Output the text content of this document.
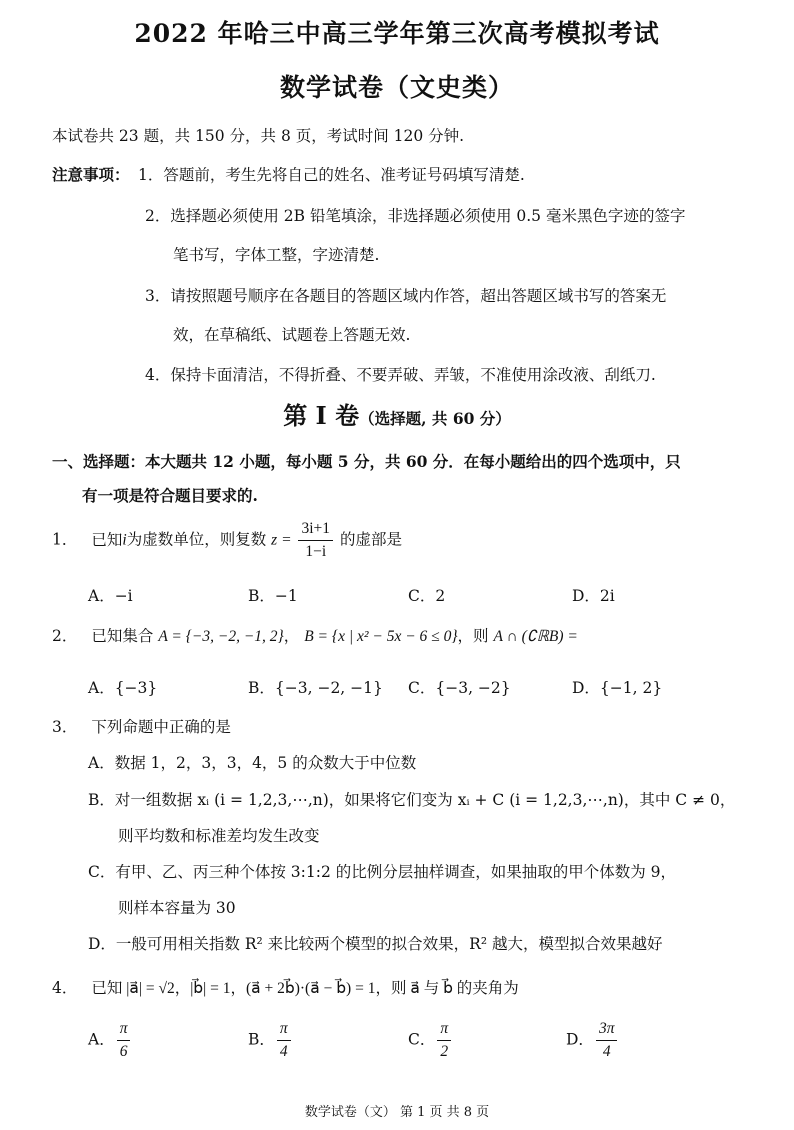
2022 年哈三中高三学年第三次高考模拟考试
数学试卷（文史类）
本试卷共 23 题，共 150 分，共 8 页，考试时间 120 分钟.
注意事项： 1．答题前，考生先将自己的姓名、准考证号码填写清楚.
2．选择题必须使用 2B 铅笔填涂，非选择题必须使用 0.5 毫米黑色字迹的签字
笔书写，字体工整，字迹清楚.
3．请按照题号顺序在各题目的答题区域内作答，超出答题区域书写的答案无
效，在草稿纸、试题卷上答题无效.
4．保持卡面清洁，不得折叠、不要弄破、弄皱，不准使用涂改液、刮纸刀.
第 I 卷（选择题, 共 60 分）
一、选择题：本大题共 12 小题，每小题 5 分，共 60 分．在每小题给出的四个选项中，只
有一项是符合题目要求的.
1． 已知i为虚数单位，则复数 $z = \frac{3i+1}{1-i}$ 的虚部是
A．−i	B．−1	C．2	D．2i
2． 已知集合 A = {−3, −2, −1, 2}， B = {x | x² − 5x − 6 ≤ 0}，则 A ∩ (∁ℝB) =
A．{−3}	B．{−3, −2, −1} C．{−3, −2}	D．{−1, 2}
3． 下列命题中正确的是
A．数据 1，2，3，3，4，5 的众数大于中位数
B．对一组数据 xᵢ (i = 1,2,3,⋯,n)，如果将它们变为 xᵢ + C (i = 1,2,3,⋯,n)，其中 C ≠ 0，
则平均数和标准差均发生改变
C．有甲、乙、丙三种个体按 3:1:2 的比例分层抽样调查，如果抽取的甲个体数为 9，
则样本容量为 30
D．一般可用相关指数 R² 来比较两个模型的拟合效果，R² 越大，模型拟合效果越好
4． 已知 |a⃗| = √2，|b⃗| = 1，(a⃗ + 2b⃗)·(a⃗ − b⃗) = 1，则 a⃗ 与 b⃗ 的夹角为
A． $\frac{\pi}{6}$	B． $\frac{\pi}{4}$	C． $\frac{\pi}{2}$	D． $\frac{3\pi}{4}$
数学试卷（文） 第 1 页 共 8 页
